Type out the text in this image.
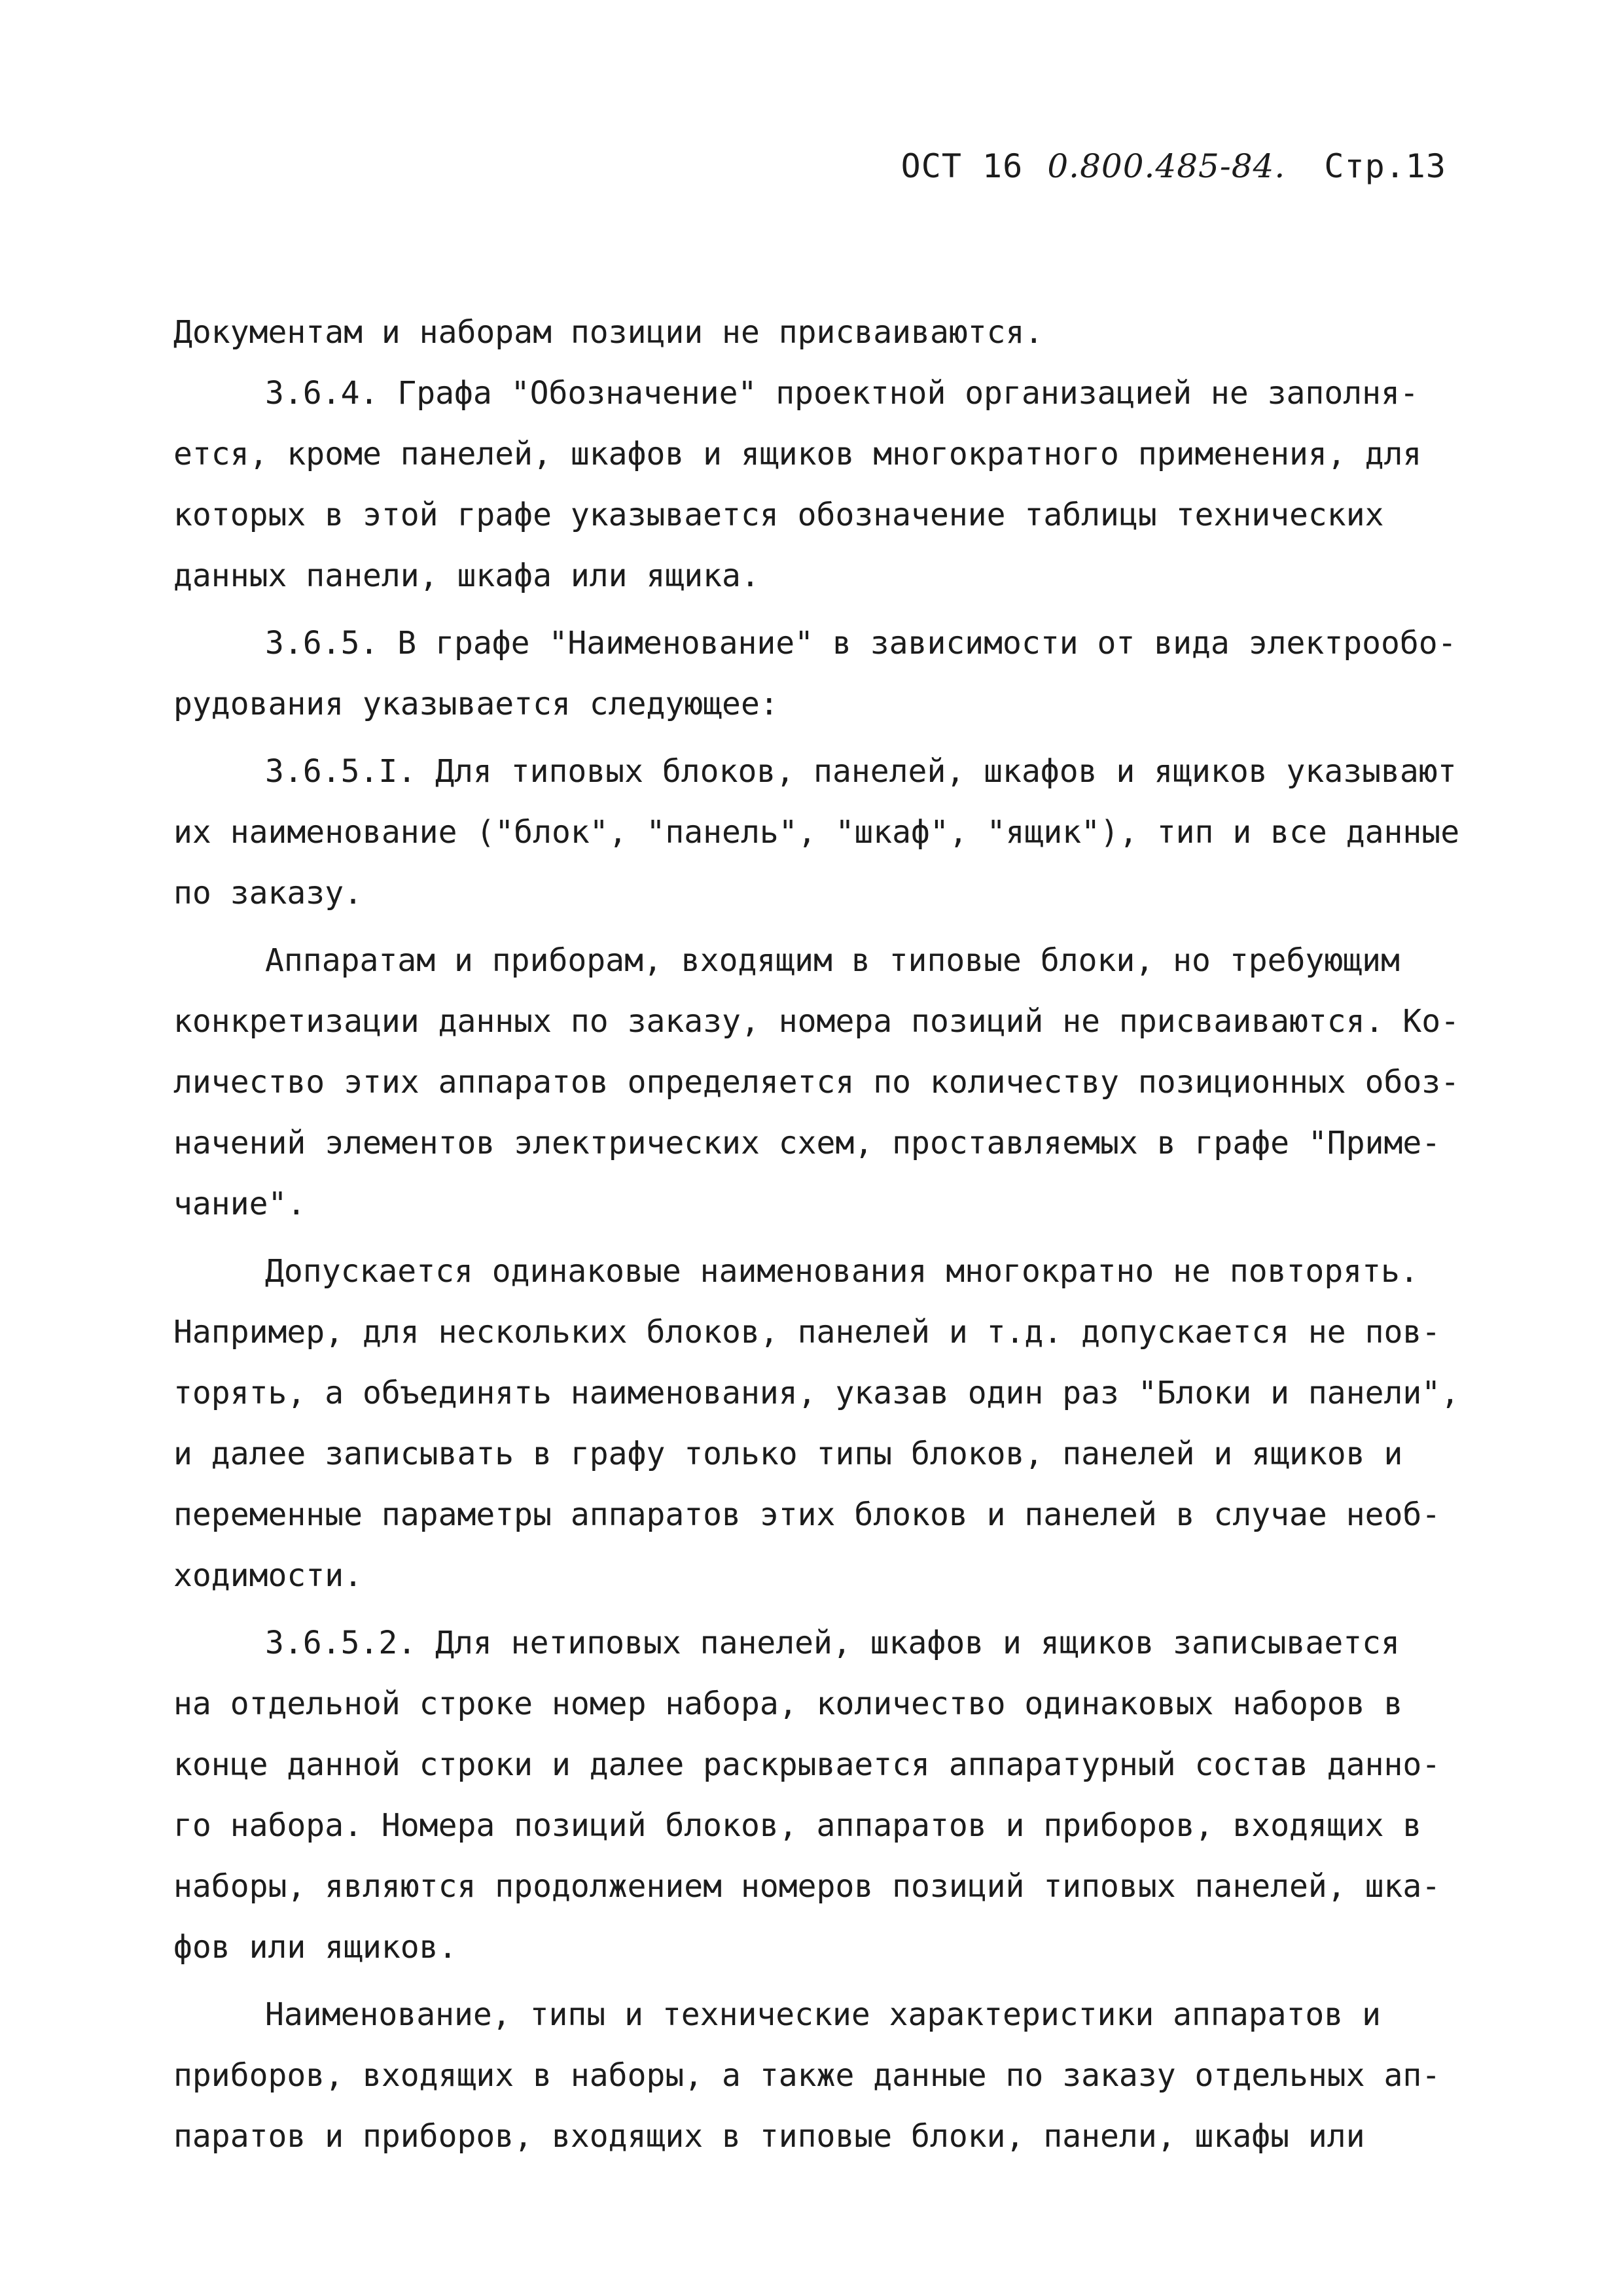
ОСТ 16 0.800.485-84. Стр.13
Документам и наборам позиции не присваиваются.
3.6.4. Графа "Обозначение" проектной организацией не заполня-
ется, кроме панелей, шкафов и ящиков многократного применения, для
которых в этой графе указывается обозначение таблицы технических
данных панели, шкафа или ящика.
3.6.5. В графе "Наименование" в зависимости от вида электрообо-
рудования указывается следующее:
3.6.5.I. Для типовых блоков, панелей, шкафов и ящиков указывают
их наименование ("блок", "панель", "шкаф", "ящик"), тип и все данные
по заказу.
Аппаратам и приборам, входящим в типовые блоки, но требующим
конкретизации данных по заказу, номера позиций не присваиваются. Ко-
личество этих аппаратов определяется по количеству позиционных обоз-
начений элементов электрических схем, проставляемых в графе "Приме-
чание".
Допускается одинаковые наименования многократно не повторять.
Например, для нескольких блоков, панелей и т.д. допускается не пов-
торять, а объединять наименования, указав один раз "Блоки и панели",
и далее записывать в графу только типы блоков, панелей и ящиков и
переменные параметры аппаратов этих блоков и панелей в случае необ-
ходимости.
3.6.5.2. Для нетиповых панелей, шкафов и ящиков записывается
на отдельной строке номер набора, количество одинаковых наборов в
конце данной строки и далее раскрывается аппаратурный состав данно-
го набора. Номера позиций блоков, аппаратов и приборов, входящих в
наборы, являются продолжением номеров позиций типовых панелей, шка-
фов или ящиков.
Наименование, типы и технические характеристики аппаратов и
приборов, входящих в наборы, а также данные по заказу отдельных ап-
паратов и приборов, входящих в типовые блоки, панели, шкафы или
